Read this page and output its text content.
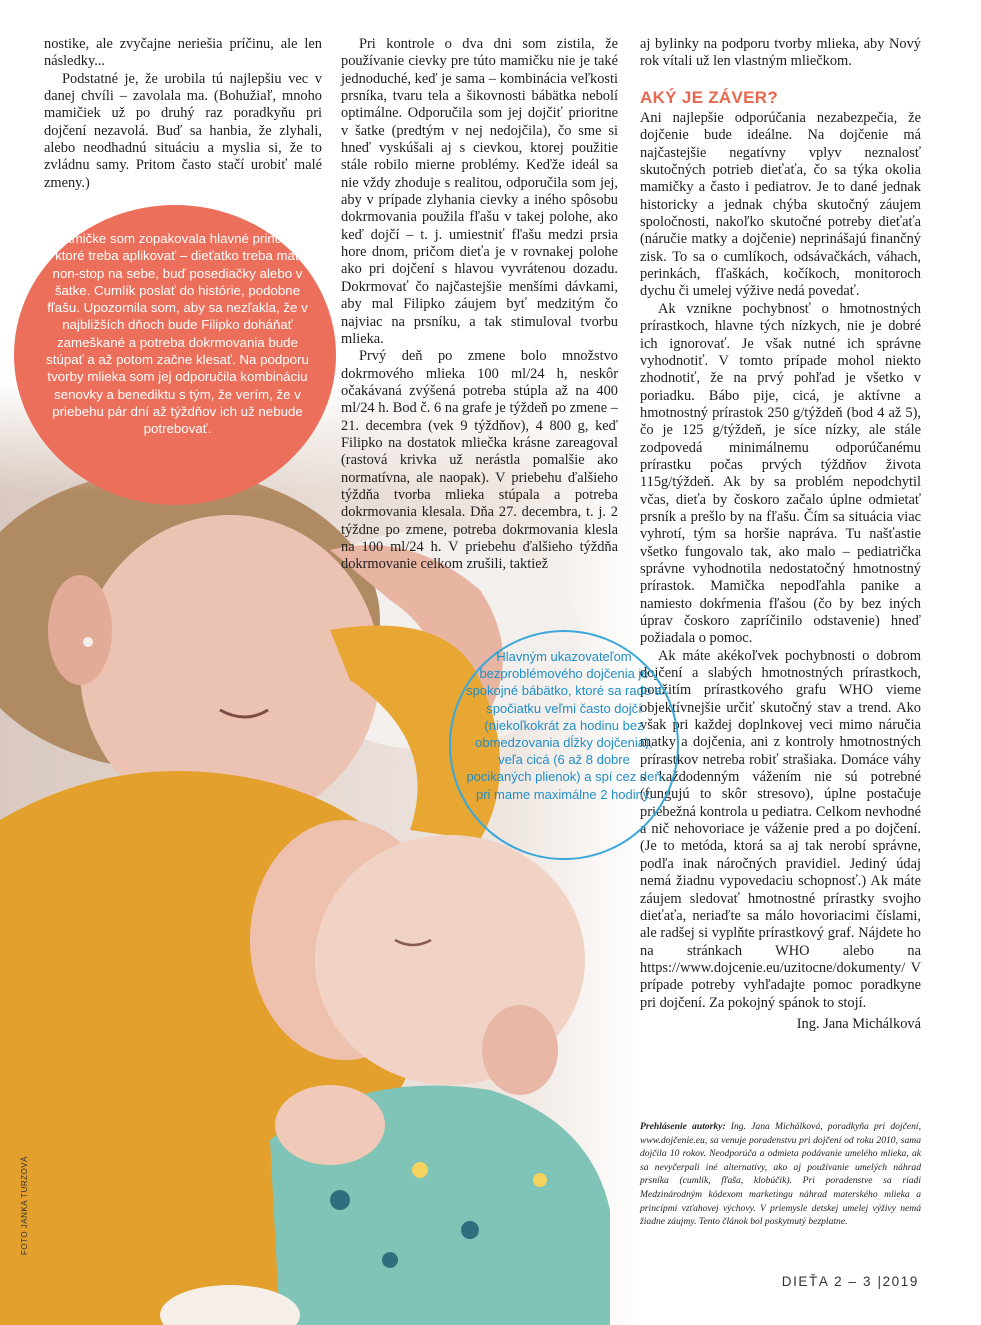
nostike, ale zvyčajne neriešia príčinu, ale len následky...

Podstatné je, že urobila tú najlepšiu vec v danej chvíli – zavolala ma. (Bohužiaľ, mnoho mamičiek už po druhý raz poradkyňu pri dojčení nezavolá. Buď sa hanbia, že zlyhali, alebo neodhadnú situáciu a myslia si, že to zvládnu samy. Pritom často stačí urobiť malé zmeny.)

Pri kontrole o dva dni som zistila, že používanie cievky pre túto mamičku nie je také jednoduché, keď je sama – kombinácia veľkosti prsníka, tvaru tela a šikovnosti bábätka nebolí optimálne. Odporučila som jej dojčiť prioritne v šatke (predtým v nej nedojčila), čo sme si hneď vyskúšali aj s cievkou, ktorej použitie stále robilo mierne problémy. Keďže ideál sa nie vždy zhoduje s realitou, odporučila som jej, aby v prípade zlyhania cievky a iného spôsobu dokrmovania použila fľašu v takej polohe, ako keď dojčí – t. j. umiestniť fľašu medzi prsia hore dnom, pričom dieťa je v rovnakej polohe ako pri dojčení s hlavou vyvrátenou dozadu. Dokrmovať čo najčastejšie menšími dávkami, aby mal Filipko záujem byť medzitým čo najviac na prsníku, a tak stimuloval tvorbu mlieka.

Prvý deň po zmene bolo množstvo dokrmového mlieka 100 ml/24 h, neskôr očakávaná zvýšená potreba stúpla až na 400 ml/24 h. Bod č. 6 na grafe je týždeň po zmene – 21. decembra (vek 9 týždňov), 4 800 g, keď Filipko na dostatok mliečka krásne zareagoval (rastová krivka už nerástla pomalšie ako normatívna, ale naopak). V priebehu ďalšieho týždňa tvorba mlieka stúpala a potreba dokrmovania klesala. Dňa 27. decembra, t. j. 2 týždne po zmene, potreba dokrmovania klesla na 100 ml/24 h. V priebehu ďalšieho týždňa dokrmovanie celkom zrušili, taktiež

aj bylinky na podporu tvorby mlieka, aby Nový rok vítali už len vlastným mliečkom.

AKÝ JE ZÁVER?

Ani najlepšie odporúčania nezabezpečia, že dojčenie bude ideálne. Na dojčenie má najčastejšie negatívny vplyv neznalosť skutočných potrieb dieťaťa, čo sa týka okolia mamičky a často i pediatrov. Je to dané jednak historicky a jednak chýba skutočný záujem spoločnosti, nakoľko skutočné potreby dieťaťa (náručie matky a dojčenie) neprinášajú finančný zisk. To sa o cumlíkoch, odsávačkách, váhach, perinkách, fľaškách, kočíkoch, monitoroch dychu či umelej výžive nedá povedať.

Ak vznikne pochybnosť o hmotnostných prírastkoch, hlavne tých nízkych, nie je dobré ich ignorovať. Je však nutné ich správne vyhodnotiť. V tomto prípade mohol niekto zhodnotiť, že na prvý pohľad je všetko v poriadku. Bábo pije, cicá, je aktívne a hmotnostný prírastok 250 g/týždeň (bod 4 až 5), čo je 125 g/týždeň, je síce nízky, ale stále zodpovedá minimálnemu odporúčanému prírastku počas prvých týždňov života 115g/týždeň. Ak by sa problém nepodchytil včas, dieťa by čoskoro začalo úplne odmietať prsník a prešlo by na fľašu. Čím sa situácia viac vyhrotí, tým sa horšie napráva. Tu našťastie všetko fungovalo tak, ako malo – pediatrička správne vyhodnotila nedostatočný hmotnostný prírastok. Mamička nepodľahla panike a namiesto dokŕmenia fľašou (čo by bez iných úprav čoskoro zapríčinilo odstavenie) hneď požiadala o pomoc.

Ak máte akékoľvek pochybnosti o dobrom dojčení a slabých hmotnostných prírastkoch, použitím prírastkového grafu WHO vieme objektívnejšie určiť skutočný stav a trend. Ako však pri každej doplnkovej veci mimo náručia matky a dojčenia, ani z kontroly hmotnostných prírastkov netreba robiť strašiaka. Domáce váhy s každodenným vážením nie sú potrebné (fungujú to skôr stresovo), úplne postačuje priebežná kontrola u pediatra. Celkom nevhodné a nič nehovoriace je váženie pred a po dojčení. (Je to metóda, ktorá sa aj tak nerobí správne, podľa inak náročných pravidiel. Jediný údaj nemá žiadnu vypovedaciu schopnosť.) Ak máte záujem sledovať hmotnostné prírastky svojho dieťaťa, neriaďte sa málo hovoriacimi číslami, ale radšej si vyplňte prírastkový graf. Nájdete ho na stránkach WHO alebo na https://www.dojcenie.eu/uzitocne/dokumenty/ V prípade potreby vyhľadajte pomoc poradkyne pri dojčení. Za pokojný spánok to stojí.

Ing. Jana Michálková
Prehlásenie autorky: Ing. Jana Michálková, poradkyňa pri dojčení, www.dojčenie.eu, sa venuje poradenstvu pri dojčení od roku 2010, sama dojčila 10 rokov. Neodporúča a odmieta podávanie umelého mlieka, ak sa nevyčerpali iné alternatívy, ako aj používanie umelých náhrad prsníka (cumlík, fľaša, klobúčik). Pri poradenstve sa riadi Medzinárodným kódexom marketingu náhrad materského mlieka a princípmi vzťahovej výchovy. V priemysle detskej umelej výživy nemá žiadne záujmy. Tento článok bol poskytnutý bezplatne.
Mamičke som zopakovala hlavné princípy, ktoré treba aplikovať – dieťatko treba mať non-stop na sebe, buď posediačky alebo v šatke. Cumlík poslať do histórie, podobne fľašu. Upozornila som, aby sa nezľakla, že v najbližších dňoch bude Filipko doháňať zameškané a potreba dokrmovania bude stúpať a až potom začne klesať. Na podporu tvorby mlieka som jej odporučila kombináciu senovky a benediktu s tým, že verím, že v priebehu pár dní až týždňov ich už nebude potrebovať.
Hlavným ukazovateľom bezproblémového dojčenia je spokojné bábätko, ktoré sa rado a spočiatku veľmi často dojčí (niekoľkokrát za hodinu bez obmedzovania dĺžky dojčenia), veľa cicá (6 až 8 dobre pocikaných plienok) a spí cez deň pri mame maximálne 2 hodiny.
FOTO JANKA TURZOVÁ
DIEŤA 2 – 3 |2019
